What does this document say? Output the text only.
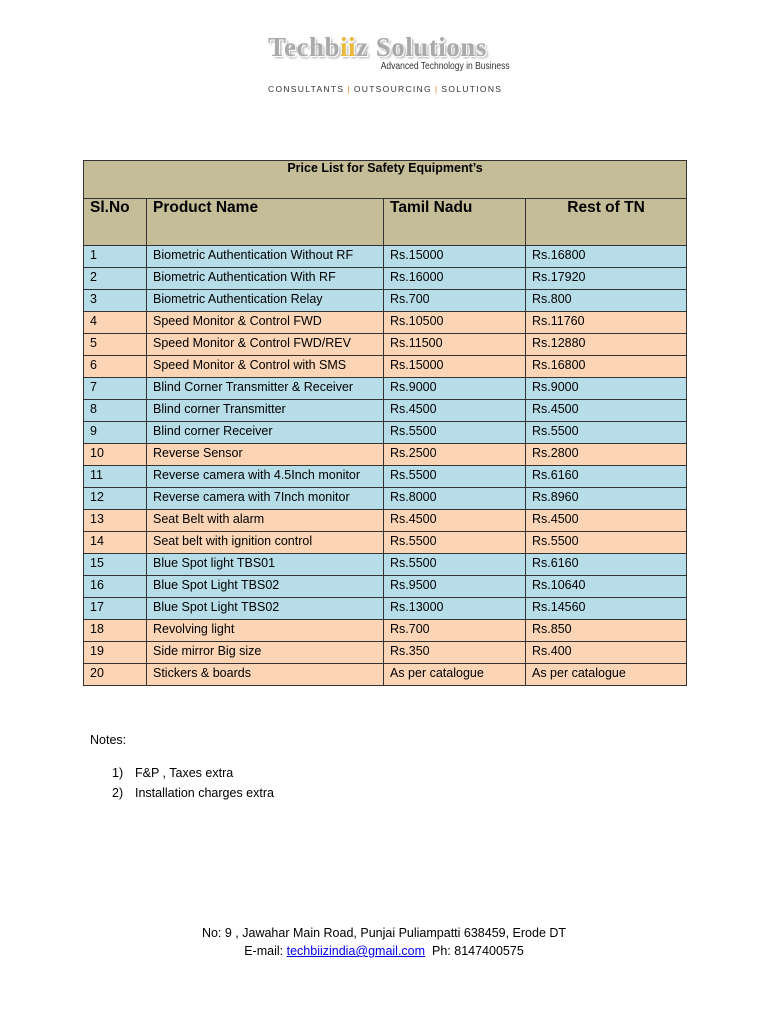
Techbiiz Solutions
Advanced Technology in Business
CONSULTANTS | OUTSOURCING | SOLUTIONS
Price List for Safety Equipment’s			
Sl.No	Product Name	Tamil Nadu	Rest of TN
1	Biometric Authentication Without RF	Rs.15000	Rs.16800
2	Biometric Authentication With RF	Rs.16000	Rs.17920
3	Biometric Authentication Relay	Rs.700	Rs.800
4	Speed Monitor & Control FWD	Rs.10500	Rs.11760
5	Speed Monitor & Control FWD/REV	Rs.11500	Rs.12880
6	Speed Monitor & Control with SMS	Rs.15000	Rs.16800
7	Blind Corner Transmitter & Receiver	Rs.9000	Rs.9000
8	Blind corner Transmitter	Rs.4500	Rs.4500
9	Blind corner Receiver	Rs.5500	Rs.5500
10	Reverse Sensor	Rs.2500	Rs.2800
11	Reverse camera with 4.5Inch monitor	Rs.5500	Rs.6160
12	Reverse camera with 7Inch monitor	Rs.8000	Rs.8960
13	Seat Belt with alarm	Rs.4500	Rs.4500
14	Seat belt with ignition control	Rs.5500	Rs.5500
15	Blue Spot light TBS01	Rs.5500	Rs.6160
16	Blue Spot Light TBS02	Rs.9500	Rs.10640
17	Blue Spot Light TBS02	Rs.13000	Rs.14560
18	Revolving light	Rs.700	Rs.850
19	Side mirror Big size	Rs.350	Rs.400
20	Stickers & boards	As per catalogue	As per catalogue
Notes:
1) F&P , Taxes extra
2) Installation charges extra
No: 9 , Jawahar Main Road, Punjai Puliampatti 638459, Erode DT
E-mail: techbiizindia@gmail.com Ph: 8147400575
